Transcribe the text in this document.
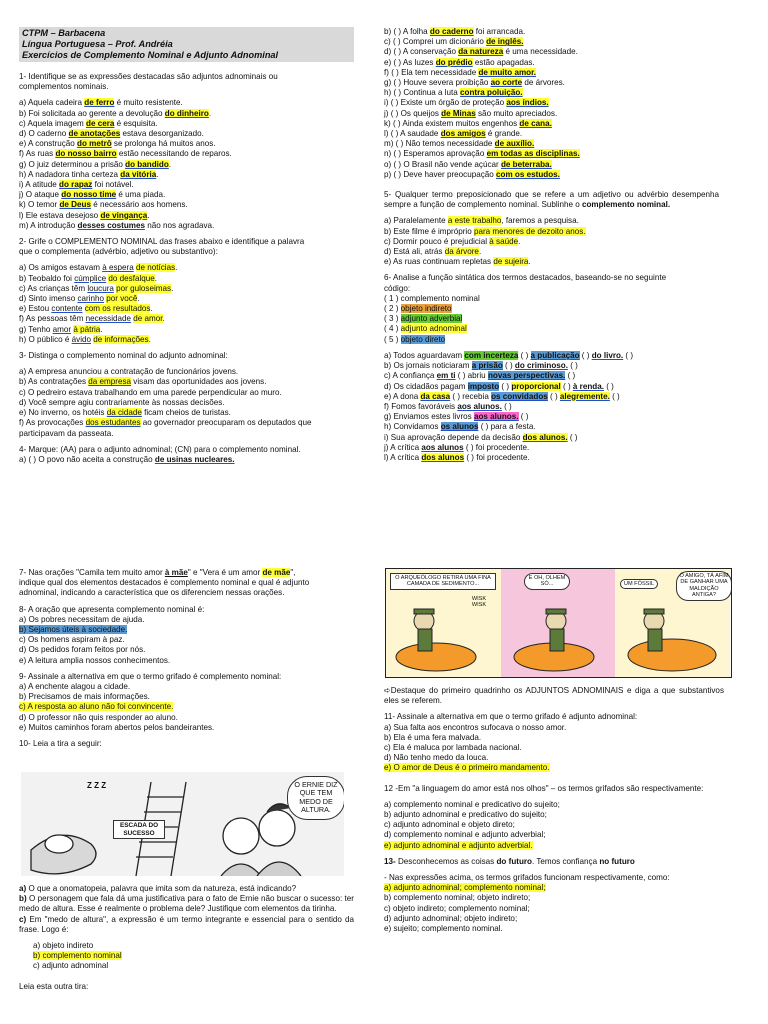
CTPM – Barbacena
Língua Portuguesa – Prof. Andréia
Exercícios de Complemento Nominal e Adjunto Adnominal

1- Identifique se as expressões destacadas são adjuntos adnominais ou

complementos nominais.

a) Aquela cadeira de ferro é muito resistente.

b) Foi solicitada ao gerente a devolução do dinheiro.

c) Aquela imagem de cera é esquisita.

d) O caderno de anotações estava desorganizado.

e) A construção do metrô se prolonga há muitos anos.

f) As ruas do nosso bairro estão necessitando de reparos.

g) O juiz determinou a prisão do bandido.

h) A nadadora tinha certeza da vitória.

i) A atitude do rapaz foi notável.

j) O ataque do nosso time é uma piada.

k) O temor de Deus é necessário aos homens.

l) Ele estava desejoso de vingança.

m) A introdução desses costumes não nos agradava.

2- Grife o COMPLEMENTO NOMINAL das frases abaixo e identifique a palavra

que o complementa (advérbio, adjetivo ou substantivo):

a) Os amigos estavam à espera de notícias.

b) Teobaldo foi cúmplice do desfalque.

c) As crianças têm loucura por guloseimas.

d) Sinto imenso carinho por você.

e) Estou contente com os resultados.

f) As pessoas têm necessidade de amor.

g) Tenho amor à pátria.

h) O público é ávido de informações.

3- Distinga o complemento nominal do adjunto adnominal:

a) A empresa anunciou a contratação de funcionários jovens.

b) As contratações da empresa visam das oportunidades aos jovens.

c) O pedreiro estava trabalhando em uma parede perpendicular ao muro.

d) Você sempre agiu contrariamente às nossas decisões.

e) No inverno, os hotéis da cidade ficam cheios de turistas.

f) As provocações dos estudantes ao governador preocuparam os deputados que

participavam da passeata.

4- Marque: (AA) para o adjunto adnominal; (CN) para o complemento nominal.

a) ( ) O povo não aceita a construção de usinas nucleares.

b) ( ) A folha do caderno foi arrancada.

c) ( ) Comprei um dicionário de inglês.

d) ( ) A conservação da natureza é uma necessidade.

e) ( ) As luzes do prédio estão apagadas.

f) ( ) Ela tem necessidade de muito amor.

g) ( ) Houve severa proibição ao corte de árvores.

h) ( ) Continua a luta contra poluição.

i) ( ) Existe um órgão de proteção aos índios.

j) ( ) Os queijos de Minas são muito apreciados.

k) ( ) Ainda existem muitos engenhos de cana.

l) ( ) A saudade dos amigos é grande.

m) ( ) Não temos necessidade de auxílio.

n) ( ) Esperamos aprovação em todas as disciplinas.

o) ( ) O Brasil não vende açúcar de beterraba.

p) ( ) Deve haver preocupação com os estudos.

5- Qualquer termo preposicionado que se refere a um adjetivo ou advérbio desempenha sempre a função de complemento nominal. Sublinhe o complemento nominal.

a) Paralelamente a este trabalho, faremos a pesquisa.

b) Este filme é impróprio para menores de dezoito anos.

c) Dormir pouco é prejudicial à saúde.

d) Está ali, atrás da árvore.

e) As ruas continuam repletas de sujeira.

6- Analise a função sintática dos termos destacados, baseando-se no seguinte

código:

( 1 ) complemento nominal

( 2 ) objeto indireto

( 3 ) adjunto adverbial

( 4 ) adjunto adnominal

( 5 ) objeto direto

a) Todos aguardavam com incerteza ( ) a publicação ( ) do livro. ( )

b) Os jornais noticiaram a prisão ( ) do criminoso. ( )

c) A confiança em ti ( ) abriu novas perspectivas. ( )

d) Os cidadãos pagam imposto ( ) proporcional ( ) à renda. ( )

e) A dona da casa ( ) recebia os convidados ( ) alegremente. ( )

f) Fomos favoráveis aos alunos. ( )

g) Enviamos estes livros aos alunos. ( )

h) Convidamos os alunos ( ) para a festa.

i) Sua aprovação depende da decisão dos alunos. ( )

j) A crítica aos alunos ( ) foi procedente.

l) A crítica dos alunos ( ) foi procedente.

7- Nas orações "Camila tem muito amor à mãe" e "Vera é um amor de mãe",

indique qual dos elementos destacados é complemento nominal e qual é adjunto

adnominal, indicando a característica que os diferenciem nessas orações.

8- A oração que apresenta complemento nominal é:

a) Os pobres necessitam de ajuda.

b) Sejamos úteis à sociedade.

c) Os homens aspiram à paz.

d) Os pedidos foram feitos por nós.

e) A leitura amplia nossos conhecimentos.

9- Assinale a alternativa em que o termo grifado é complemento nominal:

a) A enchente alagou a cidade.

b) Precisamos de mais informações.

c) A resposta ao aluno não foi convincente.

d) O professor não quis responder ao aluno.

e) Muitos caminhos foram abertos pelos bandeirantes.

10- Leia a tira a seguir:

Z Z Z
ESCADA DO SUCESSO
O ERNIE DIZ QUE TEM MEDO DE ALTURA.

a) O que a onomatopeia, palavra que imita som da natureza, está indicando?

b) O personagem que fala dá uma justificativa para o fato de Ernie não buscar o sucesso: ter medo de altura. Esse é realmente o problema dele? Justifique com elementos da tirinha.

c) Em "medo de altura", a expressão é um termo integrante e essencial para o sentido da frase. Logo é:

a) objeto indireto

b) complemento nominal

c) adjunto adnominal

Leia esta outra tira:

O ARQUEÓLOGO RETIRA UMA FINA CAMADA DE SEDIMENTO...
WISK WISK
E OH, OLHEM SÓ...	UM FÓSSIL
Ó AMIGO, TÁ AFIM DE GANHAR UMA MALDIÇÃO ANTIGA?

➪Destaque do primeiro quadrinho os ADJUNTOS ADNOMINAIS e diga a que substantivos eles se referem.

11- Assinale a alternativa em que o termo grifado é adjunto adnominal:

a) Sua falta aos encontros sufocava o nosso amor.

b) Ela é uma fera malvada.

c) Ela é maluca por lambada nacional.

d) Não tenho medo da louca.

e) O amor de Deus é o primeiro mandamento.

12 -Em "a linguagem do amor está nos olhos" – os termos grifados são respectivamente:

a) complemento nominal e predicativo do sujeito;

b) adjunto adnominal e predicativo do sujeito;

c) adjunto adnominal e objeto direto;

d) complemento nominal e adjunto adverbial;

e) adjunto adnominal e adjunto adverbial.

13- Desconhecemos as coisas do futuro. Temos confiança no futuro

- Nas expressões acima, os termos grifados funcionam respectivamente, como:

a) adjunto adnominal; complemento nominal;

b) complemento nominal; objeto indireto;

c) objeto indireto; complemento nominal;

d) adjunto adnominal; objeto indireto;

e) sujeito; complemento nominal.
